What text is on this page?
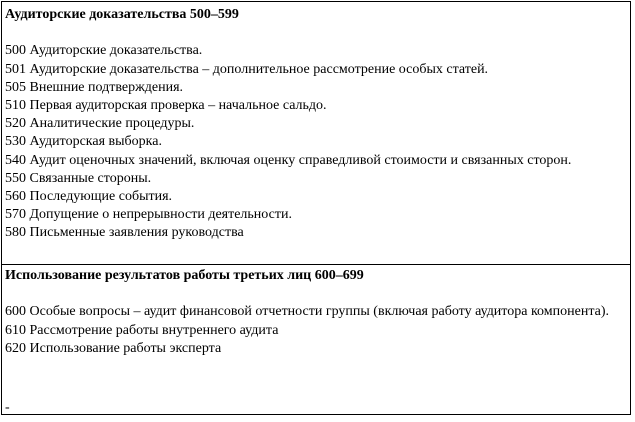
Аудиторские доказательства 500–599

500 Аудиторские доказательства.

501 Аудиторские доказательства – дополнительное рассмотрение особых статей.

505 Внешние подтверждения.

510 Первая аудиторская проверка – начальное сальдо.

520 Аналитические процедуры.

530 Аудиторская выборка.

540 Аудит оценочных значений, включая оценку справедливой стоимости и связанных сторон.

550 Связанные стороны.

560 Последующие события.

570 Допущение о непрерывности деятельности.

580 Письменные заявления руководства

Использование результатов работы третьих лиц 600–699

600 Особые вопросы – аудит финансовой отчетности группы (включая работу аудитора компонента).

610 Рассмотрение работы внутреннего аудита

620 Использование работы эксперта

-
